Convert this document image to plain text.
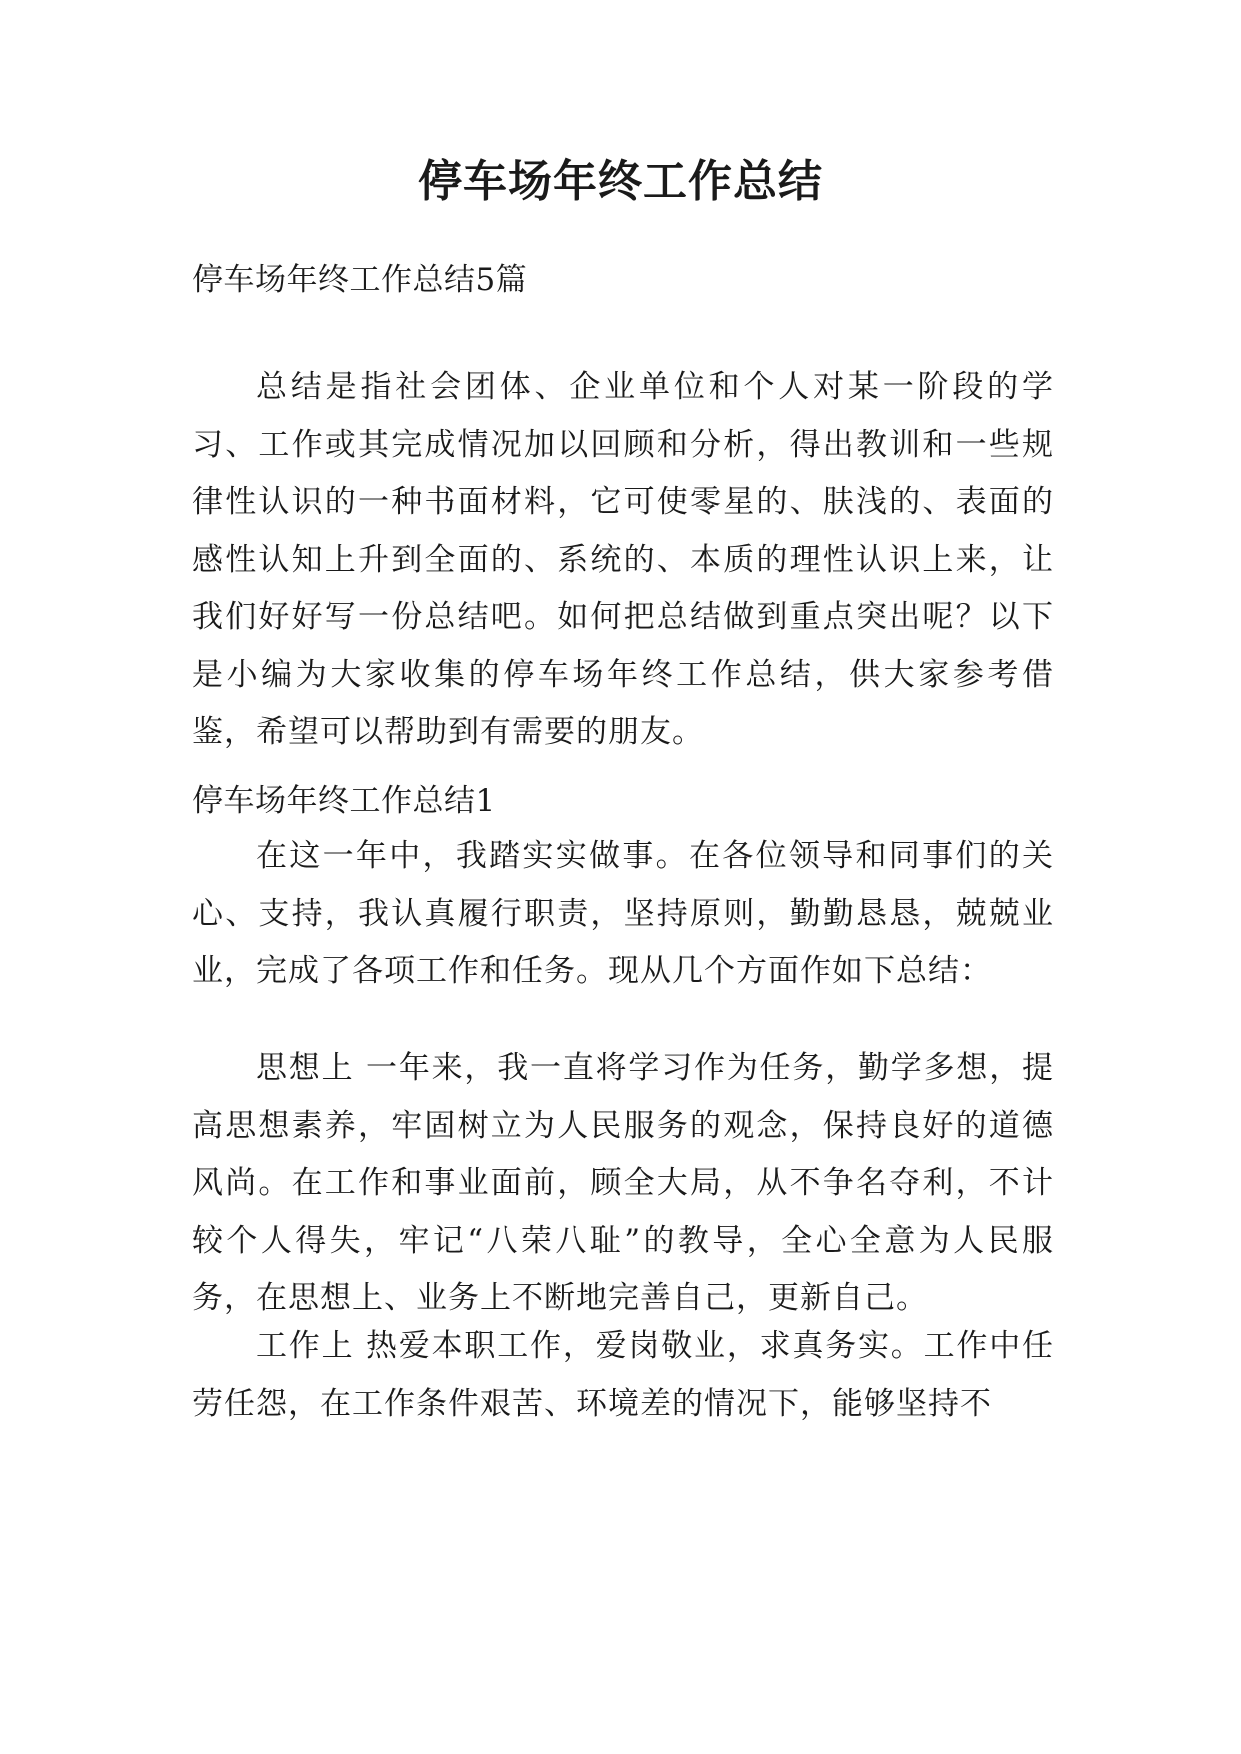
停车场年终工作总结
停车场年终工作总结5篇
总结是指社会团体、企业单位和个人对某一阶段的学习、工作或其完成情况加以回顾和分析，得出教训和一些规律性认识的一种书面材料，它可使零星的、肤浅的、表面的感性认知上升到全面的、系统的、本质的理性认识上来，让我们好好写一份总结吧。如何把总结做到重点突出呢？以下是小编为大家收集的停车场年终工作总结，供大家参考借鉴，希望可以帮助到有需要的朋友。
停车场年终工作总结1
在这一年中，我踏实实做事。在各位领导和同事们的关心、支持，我认真履行职责，坚持原则，勤勤恳恳，兢兢业业，完成了各项工作和任务。现从几个方面作如下总结：
思想上 一年来，我一直将学习作为任务，勤学多想，提高思想素养，牢固树立为人民服务的观念，保持良好的道德风尚。在工作和事业面前，顾全大局，从不争名夺利，不计较个人得失，牢记“八荣八耻”的教导，全心全意为人民服务，在思想上、业务上不断地完善自己，更新自己。
工作上 热爱本职工作，爱岗敬业，求真务实。工作中任劳任怨，在工作条件艰苦、环境差的情况下，能够坚持不
